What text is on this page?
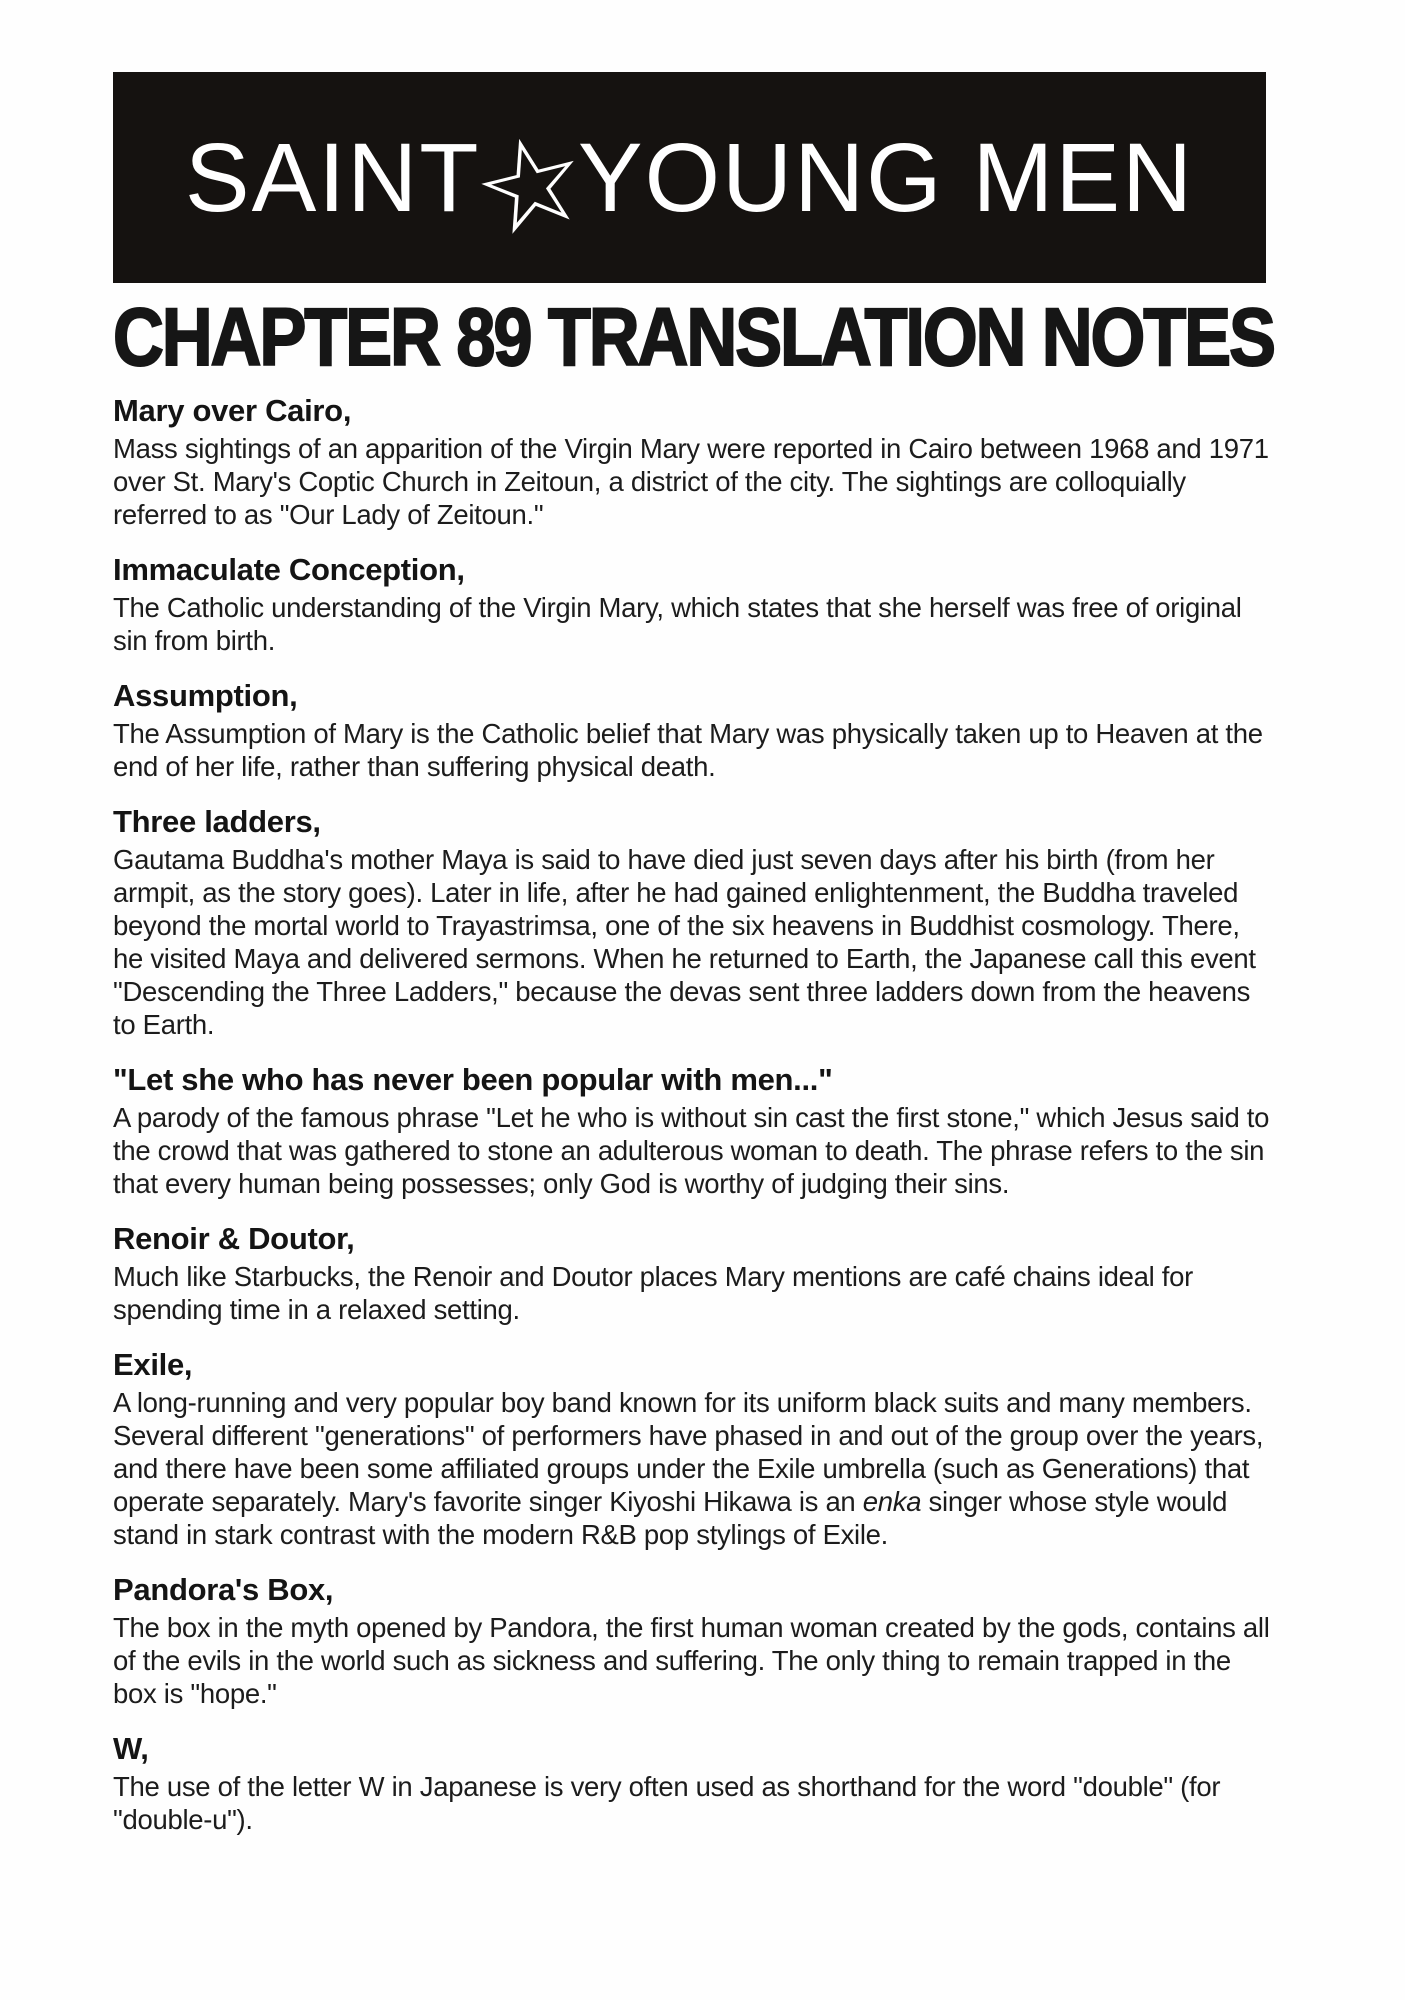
SAINT☆YOUNG MEN
CHAPTER 89 TRANSLATION NOTES
Mary over Cairo,

Mass sightings of an apparition of the Virgin Mary were reported in Cairo between 1968 and 1971 over St. Mary's Coptic Church in Zeitoun, a district of the city. The sightings are colloquially referred to as "Our Lady of Zeitoun."

Immaculate Conception,

The Catholic understanding of the Virgin Mary, which states that she herself was free of original sin from birth.

Assumption,

The Assumption of Mary is the Catholic belief that Mary was physically taken up to Heaven at the end of her life, rather than suffering physical death.

Three ladders,

Gautama Buddha's mother Maya is said to have died just seven days after his birth (from her armpit, as the story goes). Later in life, after he had gained enlightenment, the Buddha traveled beyond the mortal world to Trayastrimsa, one of the six heavens in Buddhist cosmology. There, he visited Maya and delivered sermons. When he returned to Earth, the Japanese call this event "Descending the Three Ladders," because the devas sent three ladders down from the heavens to Earth.

"Let she who has never been popular with men..."

A parody of the famous phrase "Let he who is without sin cast the first stone," which Jesus said to the crowd that was gathered to stone an adulterous woman to death. The phrase refers to the sin that every human being possesses; only God is worthy of judging their sins.

Renoir & Doutor,

Much like Starbucks, the Renoir and Doutor places Mary mentions are café chains ideal for spending time in a relaxed setting.

Exile,

A long-running and very popular boy band known for its uniform black suits and many members. Several different "generations" of performers have phased in and out of the group over the years, and there have been some affiliated groups under the Exile umbrella (such as Generations) that operate separately. Mary's favorite singer Kiyoshi Hikawa is an enka singer whose style would stand in stark contrast with the modern R&B pop stylings of Exile.

Pandora's Box,

The box in the myth opened by Pandora, the first human woman created by the gods, contains all of the evils in the world such as sickness and suffering. The only thing to remain trapped in the box is "hope."

W,

The use of the letter W in Japanese is very often used as shorthand for the word "double" (for "double-u").
